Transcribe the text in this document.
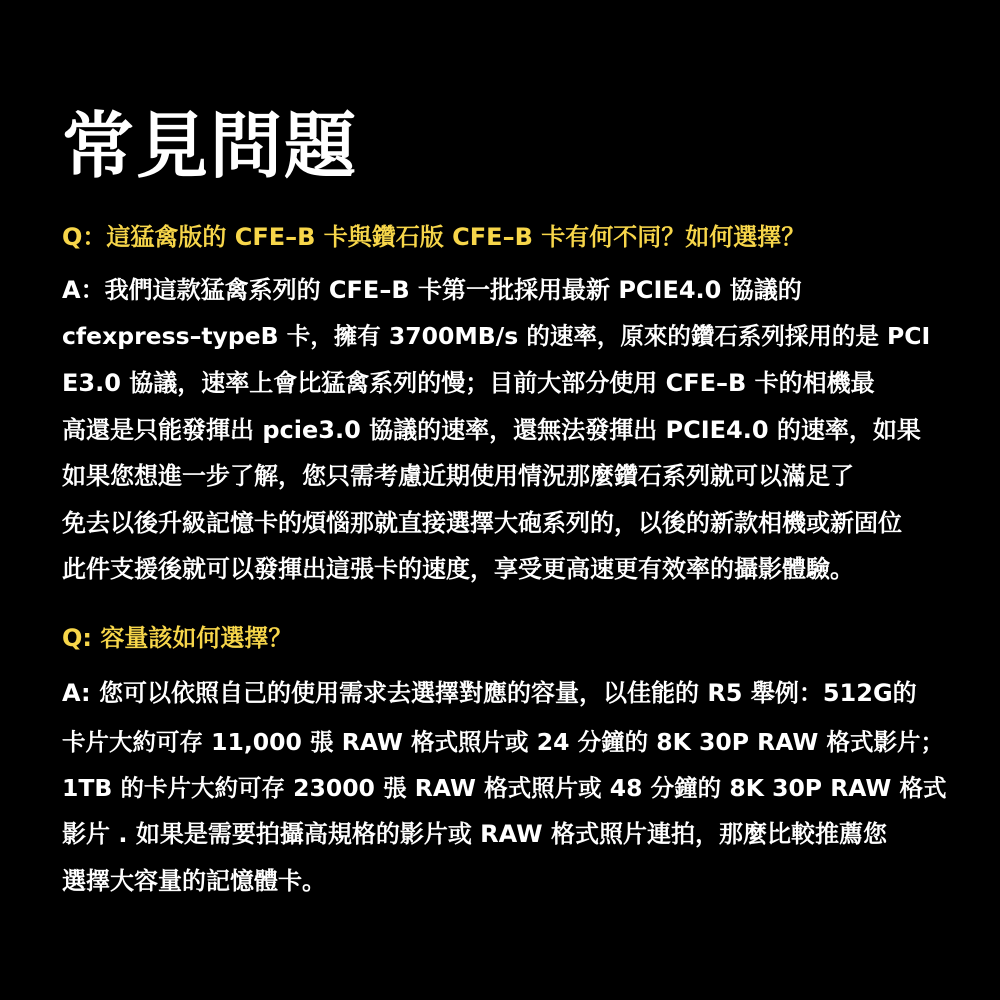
常見問題
Q：這猛禽版的 CFE–B 卡與鑽石版 CFE–B 卡有何不同？如何選擇？
A：我們這款猛禽系列的 CFE–B 卡第一批採用最新 PCIE4.0 協議的
cfexpress–typeB 卡，擁有 3700MB/s 的速率，原來的鑽石系列採用的是 PCI
E3.0 協議，速率上會比猛禽系列的慢；目前大部分使用 CFE–B 卡的相機最
高還是只能發揮出 pcie3.0 協議的速率，還無法發揮出 PCIE4.0 的速率，如果
如果您想進一步了解，您只需考慮近期使用情況那麼鑽石系列就可以滿足了
免去以後升級記憶卡的煩惱那就直接選擇大砲系列的，以後的新款相機或新固位
此件支援後就可以發揮出這張卡的速度，享受更高速更有效率的攝影體驗。
Q: 容量該如何選擇？
A: 您可以依照自己的使用需求去選擇對應的容量，以佳能的 R5 舉例：512G的
卡片大約可存 11,000 張 RAW 格式照片或 24 分鐘的 8K 30P RAW 格式影片；
1TB 的卡片大約可存 23000 張 RAW 格式照片或 48 分鐘的 8K 30P RAW 格式
影片 . 如果是需要拍攝高規格的影片或 RAW 格式照片連拍，那麼比較推薦您
選擇大容量的記憶體卡。
